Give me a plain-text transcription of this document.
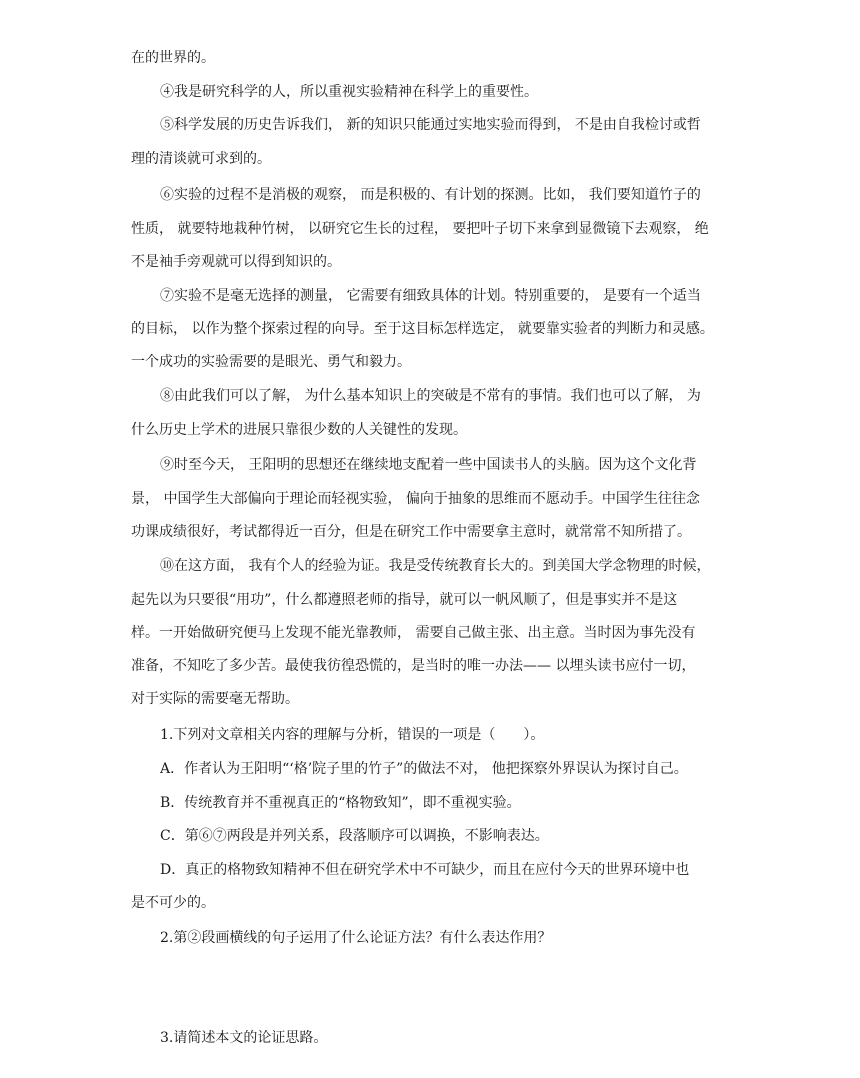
在的世界的。
④我是研究科学的人，所以重视实验精神在科学上的重要性。
⑤科学发展的历史告诉我们， 新的知识只能通过实地实验而得到， 不是由自我检讨或哲
理的清谈就可求到的。
⑥实验的过程不是消极的观察， 而是积极的、有计划的探测。比如， 我们要知道竹子的
性质， 就要特地栽种竹树， 以研究它生长的过程， 要把叶子切下来拿到显微镜下去观察， 绝
不是袖手旁观就可以得到知识的。
⑦实验不是毫无选择的测量， 它需要有细致具体的计划。特别重要的， 是要有一个适当
的目标， 以作为整个探索过程的向导。至于这目标怎样选定， 就要靠实验者的判断力和灵感。
一个成功的实验需要的是眼光、勇气和毅力。
⑧由此我们可以了解， 为什么基本知识上的突破是不常有的事情。我们也可以了解， 为
什么历史上学术的进展只靠很少数的人关键性的发现。
⑨时至今天， 王阳明的思想还在继续地支配着一些中国读书人的头脑。因为这个文化背
景， 中国学生大部偏向于理论而轻视实验， 偏向于抽象的思维而不愿动手。中国学生往往念
功课成绩很好，考试都得近一百分，但是在研究工作中需要拿主意时，就常常不知所措了。
⑩在这方面， 我有个人的经验为证。我是受传统教育长大的。到美国大学念物理的时候，
起先以为只要很“用功”，什么都遵照老师的指导，就可以一帆风顺了，但是事实并不是这
样。一开始做研究便马上发现不能光靠教师， 需要自己做主张、出主意。当时因为事先没有
准备，不知吃了多少苦。最使我彷徨恐慌的，是当时的唯一办法—— 以埋头读书应付一切，
对于实际的需要毫无帮助。
1.下列对文章相关内容的理解与分析，错误的一项是（　　）。
A．作者认为王阳明“‘格’院子里的竹子”的做法不对， 他把探察外界误认为探讨自己。
B．传统教育并不重视真正的“格物致知”，即不重视实验。
C．第⑥⑦两段是并列关系，段落顺序可以调换，不影响表达。
D．真正的格物致知精神不但在研究学术中不可缺少，而且在应付今天的世界环境中也
是不可少的。
2.第②段画横线的句子运用了什么论证方法？有什么表达作用？
3.请简述本文的论证思路。
